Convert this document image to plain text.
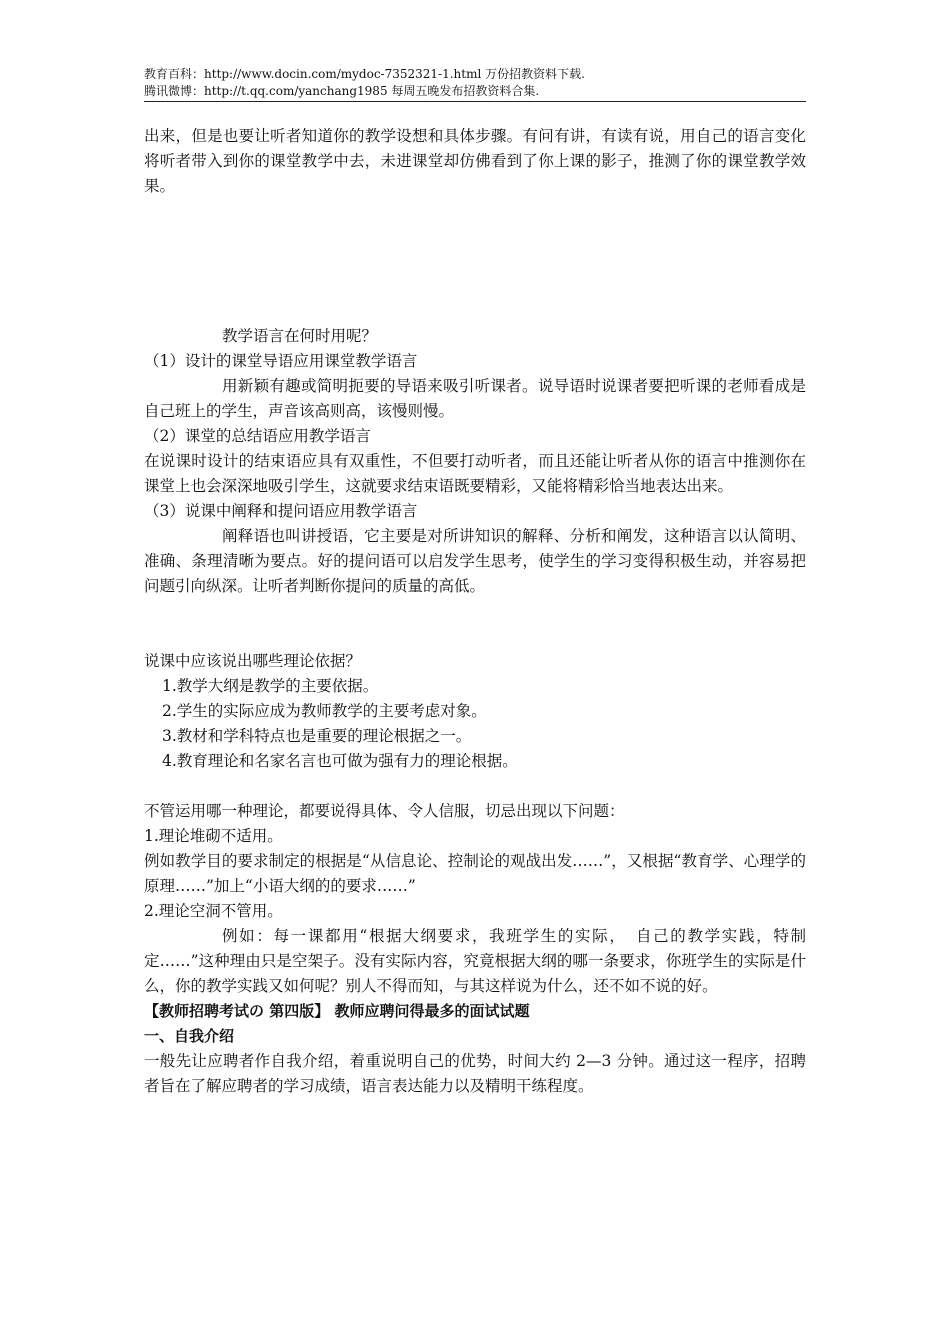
教育百科：http://www.docin.com/mydoc-7352321-1.html 万份招教资料下载.
腾讯微博：http://t.qq.com/yanchang1985 每周五晚发布招教资料合集.

出来，但是也要让听者知道你的教学设想和具体步骤。有问有讲，有读有说，用自己的语言变化将听者带入到你的课堂教学中去，未进课堂却仿佛看到了你上课的影子，推测了你的课堂教学效果。

教学语言在何时用呢？

（1）设计的课堂导语应用课堂教学语言

用新颖有趣或简明扼要的导语来吸引听课者。说导语时说课者要把听课的老师看成是自己班上的学生，声音该高则高，该慢则慢。

（2）课堂的总结语应用教学语言

在说课时设计的结束语应具有双重性，不但要打动听者，而且还能让听者从你的语言中推测你在课堂上也会深深地吸引学生，这就要求结束语既要精彩，又能将精彩恰当地表达出来。

（3）说课中阐释和提问语应用教学语言

阐释语也叫讲授语，它主要是对所讲知识的解释、分析和阐发，这种语言以认简明、准确、条理清晰为要点。好的提问语可以启发学生思考，使学生的学习变得积极生动，并容易把问题引向纵深。让听者判断你提问的质量的高低。

说课中应该说出哪些理论依据？

1.教学大纲是教学的主要依据。

2.学生的实际应成为教师教学的主要考虑对象。

3.教材和学科特点也是重要的理论根据之一。

4.教育理论和名家名言也可做为强有力的理论根据。

不管运用哪一种理论，都要说得具体、令人信服，切忌出现以下问题：

1.理论堆砌不适用。

例如教学目的要求制定的根据是“从信息论、控制论的观战出发……”，又根据“教育学、心理学的原理……”加上“小语大纲的的要求……”

2.理论空洞不管用。

例如：每一课都用“根据大纲要求，我班学生的实际，　自己的教学实践，特制定……”这种理由只是空架子。没有实际内容，究竟根据大纲的哪一条要求，你班学生的实际是什么，你的教学实践又如何呢？别人不得而知，与其这样说为什么，还不如不说的好。

【教师招聘考试の 第四版】 教师应聘问得最多的面试试题

一、自我介绍

一般先让应聘者作自我介绍，着重说明自己的优势，时间大约 2—3 分钟。通过这一程序，招聘者旨在了解应聘者的学习成绩，语言表达能力以及精明干练程度。
